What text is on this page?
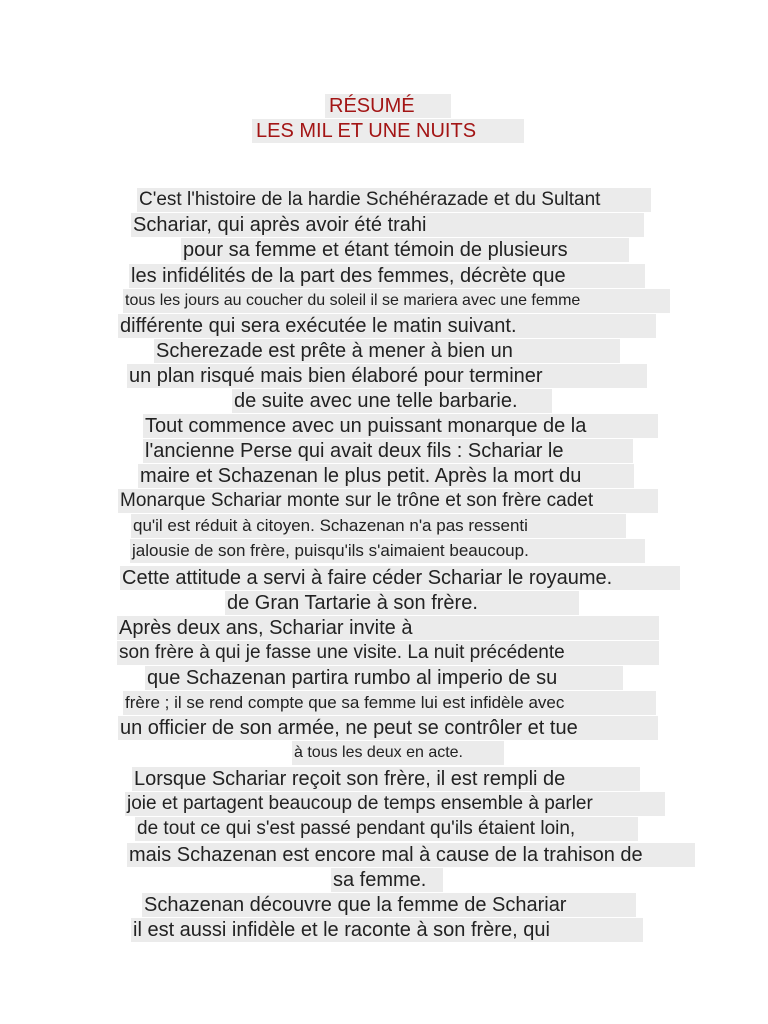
RÉSUMÉ
LES MIL ET UNE NUITS
C'est l'histoire de la hardie Schéhérazade et du Sultant
Schariar, qui après avoir été trahi
pour sa femme et étant témoin de plusieurs
les infidélités de la part des femmes, décrète que
tous les jours au coucher du soleil il se mariera avec une femme
différente qui sera exécutée le matin suivant.
Scherezade est prête à mener à bien un
un plan risqué mais bien élaboré pour terminer
de suite avec une telle barbarie.
Tout commence avec un puissant monarque de la
l'ancienne Perse qui avait deux fils : Schariar le
maire et Schazenan le plus petit. Après la mort du
Monarque Schariar monte sur le trône et son frère cadet
qu'il est réduit à citoyen. Schazenan n'a pas ressenti
jalousie de son frère, puisqu'ils s'aimaient beaucoup.
Cette attitude a servi à faire céder Schariar le royaume.
de Gran Tartarie à son frère.
Après deux ans, Schariar invite à
son frère à qui je fasse une visite. La nuit précédente
que Schazenan partira rumbo al imperio de su
frère ; il se rend compte que sa femme lui est infidèle avec
un officier de son armée, ne peut se contrôler et tue
à tous les deux en acte.
Lorsque Schariar reçoit son frère, il est rempli de
joie et partagent beaucoup de temps ensemble à parler
de tout ce qui s'est passé pendant qu'ils étaient loin,
mais Schazenan est encore mal à cause de la trahison de
sa femme.
Schazenan découvre que la femme de Schariar
il est aussi infidèle et le raconte à son frère, qui
